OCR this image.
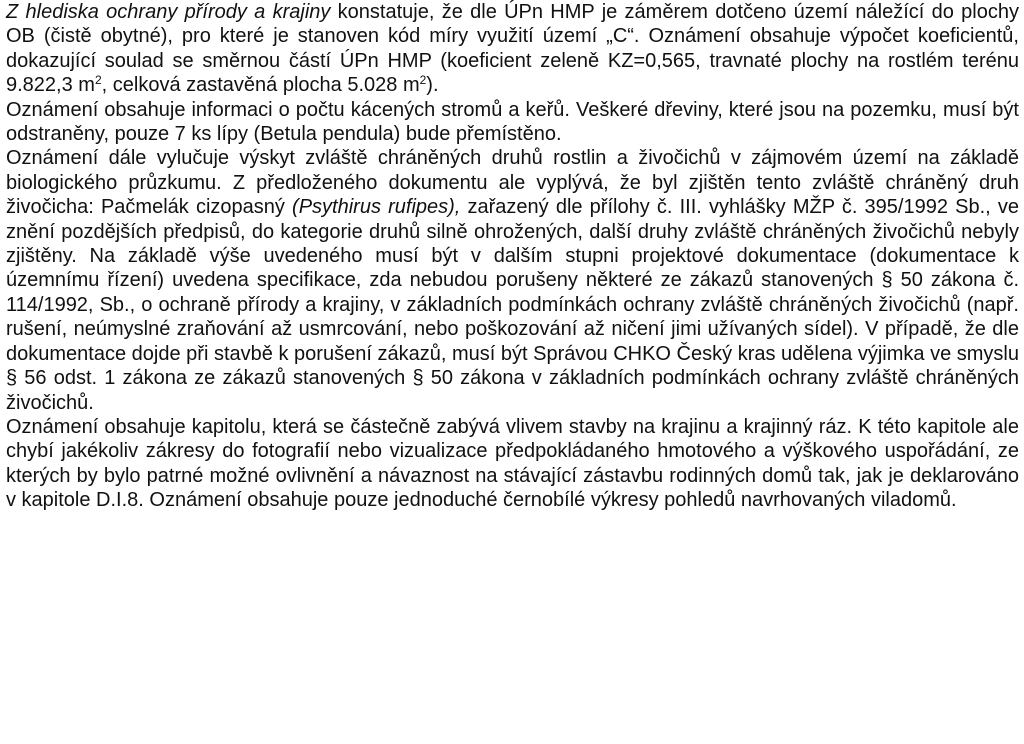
Z hlediska ochrany přírody a krajiny konstatuje, že dle ÚPn HMP je záměrem dotčeno území náležící do plochy OB (čistě obytné), pro které je stanoven kód míry využití území „C“. Oznámení obsahuje výpočet koeficientů, dokazující soulad se směrnou částí ÚPn HMP (koeficient zeleně KZ=0,565, travnaté plochy na rostlém terénu 9.822,3 $m^2$, celková zastavěná plocha 5.028 $m^2$).

Oznámení obsahuje informaci o počtu kácených stromů a keřů. Veškeré dřeviny, které jsou na pozemku, musí být odstraněny, pouze 7 ks lípy (Betula pendula) bude přemístěno.

Oznámení dále vylučuje výskyt zvláště chráněných druhů rostlin a živočichů v zájmovém území na základě biologického průzkumu. Z předloženého dokumentu ale vyplývá, že byl zjištěn tento zvláště chráněný druh živočicha: Pačmelák cizopasný (Psythirus rufipes), zařazený dle přílohy č. III. vyhlášky MŽP č. 395/1992 Sb., ve znění pozdějších předpisů, do kategorie druhů silně ohrožených, další druhy zvláště chráněných živočichů nebyly zjištěny. Na základě výše uvedeného musí být v dalším stupni projektové dokumentace (dokumentace k územnímu řízení) uvedena specifikace, zda nebudou porušeny některé ze zákazů stanovených § 50 zákona č. 114/1992, Sb., o ochraně přírody a krajiny, v základních podmínkách ochrany zvláště chráněných živočichů (např. rušení, neúmyslné zraňování až usmrcování, nebo poškozování až ničení jimi užívaných sídel). V případě, že dle dokumentace dojde při stavbě k porušení zákazů, musí být Správou CHKO Český kras udělena výjimka ve smyslu § 56 odst. 1 zákona ze zákazů stanovených § 50 zákona v základních podmínkách ochrany zvláště chráněných živočichů.

Oznámení obsahuje kapitolu, která se částečně zabývá vlivem stavby na krajinu a krajinný ráz. K této kapitole ale chybí jakékoliv zákresy do fotografií nebo vizualizace předpokládaného hmotového a výškového uspořádání, ze kterých by bylo patrné možné ovlivnění a návaznost na stávající zástavbu rodinných domů tak, jak je deklarováno v kapitole D.I.8. Oznámení obsahuje pouze jednoduché černobílé výkresy pohledů navrhovaných viladomů.
